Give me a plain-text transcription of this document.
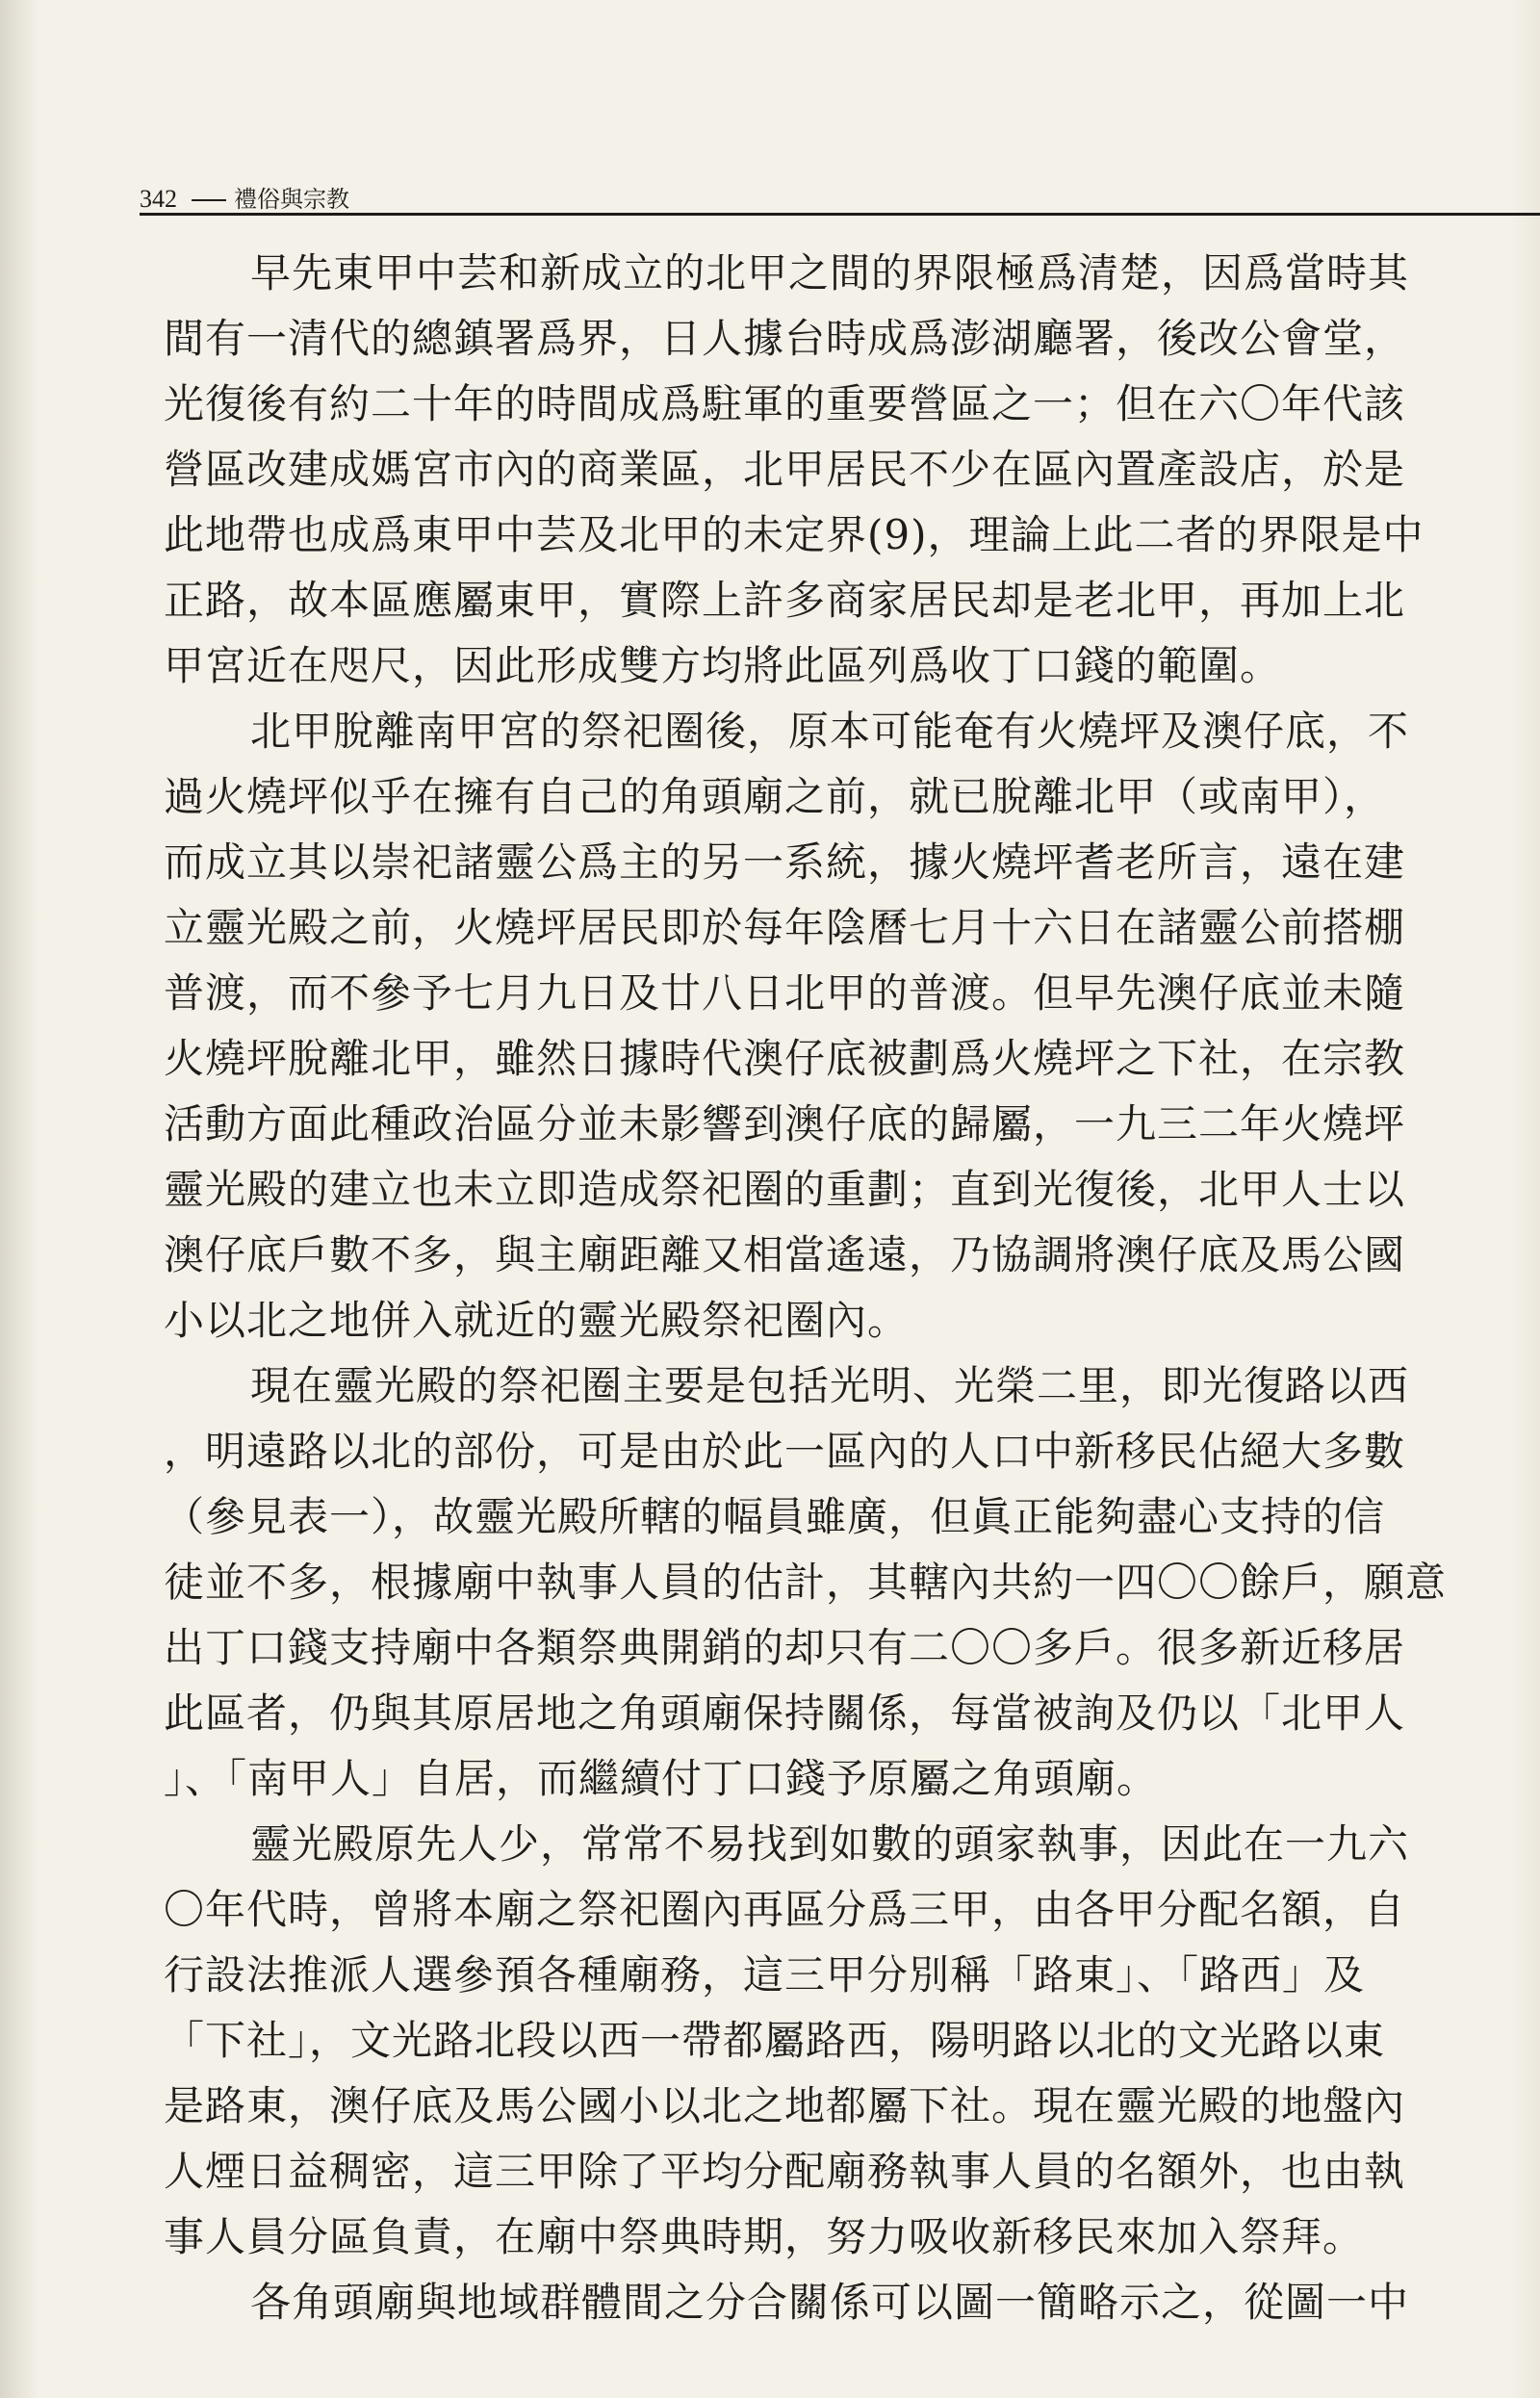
342 禮俗與宗教
早先東甲中芸和新成立的北甲之間的界限極爲清楚，因爲當時其
間有一清代的總鎮署爲界，日人據台時成爲澎湖廳署，後改公會堂，
光復後有約二十年的時間成爲駐軍的重要營區之一；但在六〇年代該
營區改建成媽宮市內的商業區，北甲居民不少在區內置產設店，於是
此地帶也成爲東甲中芸及北甲的未定界(9)，理論上此二者的界限是中
正路，故本區應屬東甲，實際上許多商家居民却是老北甲，再加上北
甲宮近在咫尺，因此形成雙方均將此區列爲收丁口錢的範圍。
北甲脫離南甲宮的祭祀圈後，原本可能奄有火燒坪及澳仔底，不
過火燒坪似乎在擁有自己的角頭廟之前，就已脫離北甲（或南甲），
而成立其以崇祀諸靈公爲主的另一系統，據火燒坪耆老所言，遠在建
立靈光殿之前，火燒坪居民即於每年陰曆七月十六日在諸靈公前搭棚
普渡，而不參予七月九日及廿八日北甲的普渡。但早先澳仔底並未隨
火燒坪脫離北甲，雖然日據時代澳仔底被劃爲火燒坪之下社，在宗教
活動方面此種政治區分並未影響到澳仔底的歸屬，一九三二年火燒坪
靈光殿的建立也未立即造成祭祀圈的重劃；直到光復後，北甲人士以
澳仔底戶數不多，與主廟距離又相當遙遠，乃協調將澳仔底及馬公國
小以北之地併入就近的靈光殿祭祀圈內。
現在靈光殿的祭祀圈主要是包括光明、光榮二里，即光復路以西
，明遠路以北的部份，可是由於此一區內的人口中新移民佔絕大多數
（參見表一），故靈光殿所轄的幅員雖廣，但眞正能夠盡心支持的信
徒並不多，根據廟中執事人員的估計，其轄內共約一四〇〇餘戶，願意
出丁口錢支持廟中各類祭典開銷的却只有二〇〇多戶。很多新近移居
此區者，仍與其原居地之角頭廟保持關係，每當被詢及仍以「北甲人
」、「南甲人」自居，而繼續付丁口錢予原屬之角頭廟。
靈光殿原先人少，常常不易找到如數的頭家執事，因此在一九六
〇年代時，曾將本廟之祭祀圈內再區分爲三甲，由各甲分配名額，自
行設法推派人選參預各種廟務，這三甲分別稱「路東」、「路西」及
「下社」，文光路北段以西一帶都屬路西，陽明路以北的文光路以東
是路東，澳仔底及馬公國小以北之地都屬下社。現在靈光殿的地盤內
人煙日益稠密，這三甲除了平均分配廟務執事人員的名額外，也由執
事人員分區負責，在廟中祭典時期，努力吸收新移民來加入祭拜。
各角頭廟與地域群體間之分合關係可以圖一簡略示之，從圖一中
